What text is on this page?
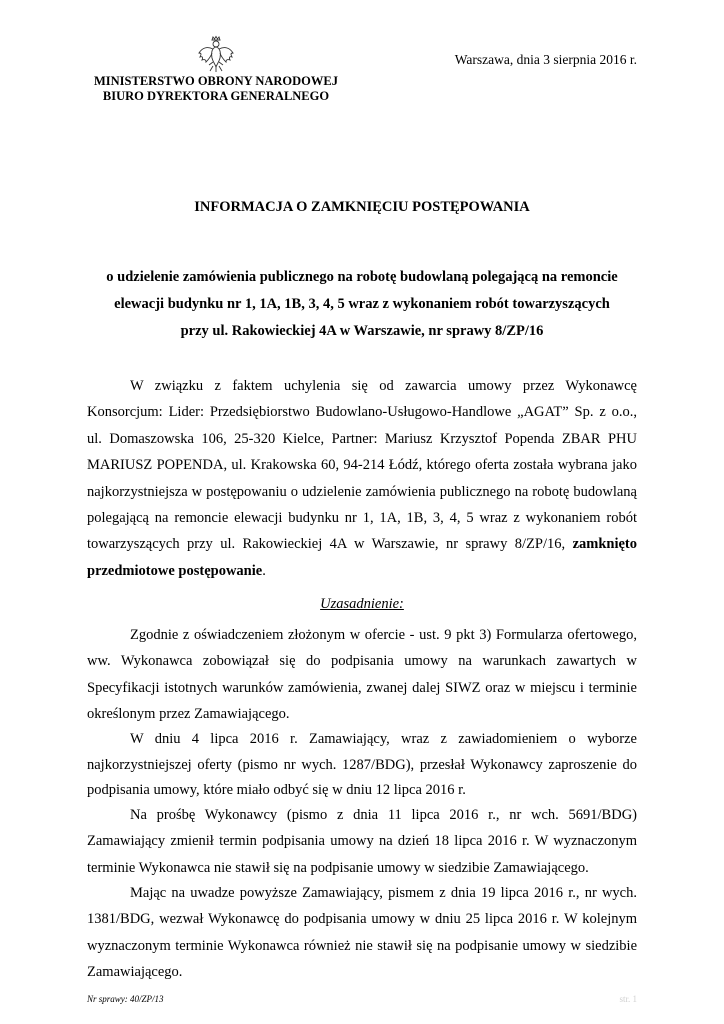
MINISTERSTWO OBRONY NARODOWEJ
BIURO DYREKTORA GENERALNEGO
Warszawa, dnia 3 sierpnia 2016 r.
INFORMACJA O ZAMKNIĘCIU POSTĘPOWANIA
o udzielenie zamówienia publicznego na robotę budowlaną polegającą na remoncie
elewacji budynku nr 1, 1A, 1B, 3, 4, 5 wraz z wykonaniem robót towarzyszących
przy ul. Rakowieckiej 4A w Warszawie, nr sprawy 8/ZP/16
W związku z faktem uchylenia się od zawarcia umowy przez Wykonawcę Konsorcjum: Lider: Przedsiębiorstwo Budowlano-Usługowo-Handlowe „AGAT” Sp. z o.o., ul. Domaszowska 106, 25-320 Kielce, Partner: Mariusz Krzysztof Popenda ZBAR PHU MARIUSZ POPENDA, ul. Krakowska 60, 94-214 Łódź, którego oferta została wybrana jako najkorzystniejsza w postępowaniu o udzielenie zamówienia publicznego na robotę budowlaną polegającą na remoncie elewacji budynku nr 1, 1A, 1B, 3, 4, 5 wraz z wykonaniem robót towarzyszących przy ul. Rakowieckiej 4A w Warszawie, nr sprawy 8/ZP/16, zamknięto przedmiotowe postępowanie.
Uzasadnienie:
Zgodnie z oświadczeniem złożonym w ofercie - ust. 9 pkt 3) Formularza ofertowego, ww. Wykonawca zobowiązał się do podpisania umowy na warunkach zawartych w Specyfikacji istotnych warunków zamówienia, zwanej dalej SIWZ oraz w miejscu i terminie określonym przez Zamawiającego.
W dniu 4 lipca 2016 r. Zamawiający, wraz z zawiadomieniem o wyborze najkorzystniejszej oferty (pismo nr wych. 1287/BDG), przesłał Wykonawcy zaproszenie do podpisania umowy, które miało odbyć się w dniu 12 lipca 2016 r.
Na prośbę Wykonawcy (pismo z dnia 11 lipca 2016 r., nr wch. 5691/BDG) Zamawiający zmienił termin podpisania umowy na dzień 18 lipca 2016 r. W wyznaczonym terminie Wykonawca nie stawił się na podpisanie umowy w siedzibie Zamawiającego.
Mając na uwadze powyższe Zamawiający, pismem z dnia 19 lipca 2016 r., nr wych. 1381/BDG, wezwał Wykonawcę do podpisania umowy w dniu 25 lipca 2016 r. W kolejnym wyznaczonym terminie Wykonawca również nie stawił się na podpisanie umowy w siedzibie Zamawiającego.
Nr sprawy: 40/ZP/13	str. 1
